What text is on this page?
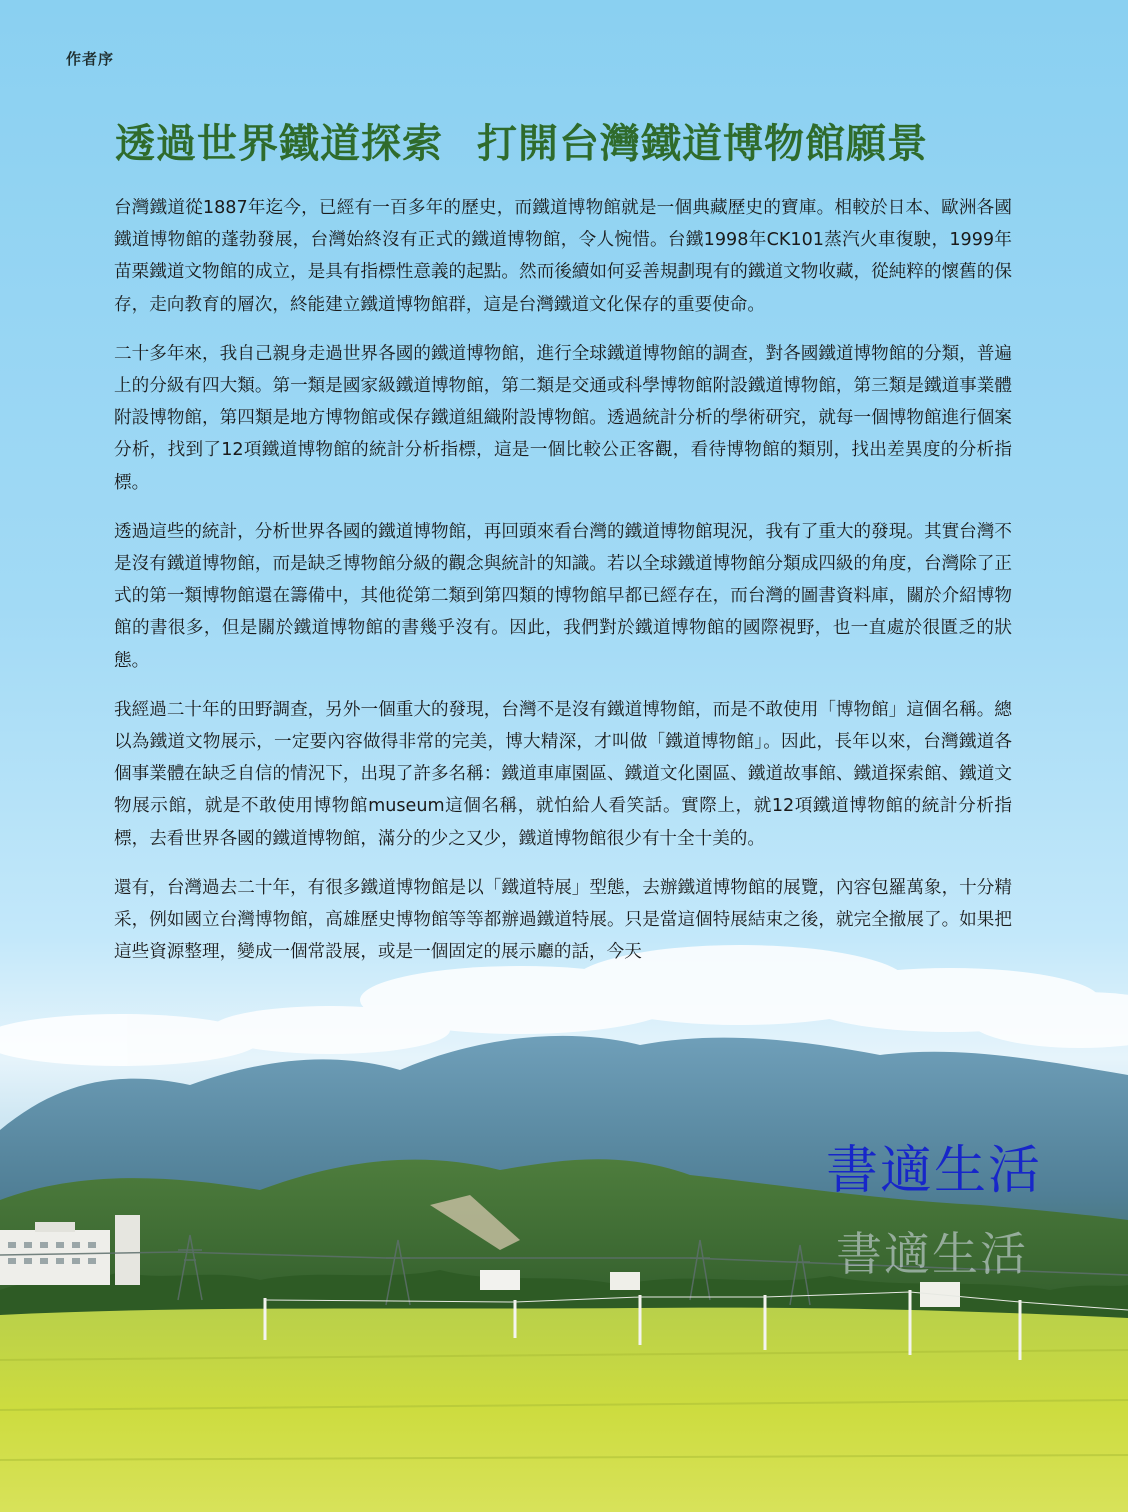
作者序
透過世界鐵道探索 打開台灣鐵道博物館願景

台灣鐵道從1887年迄今，已經有一百多年的歷史，而鐵道博物館就是一個典藏歷史的寶庫。相較於日本、歐洲各國鐵道博物館的蓬勃發展，台灣始終沒有正式的鐵道博物館，令人惋惜。台鐵1998年CK101蒸汽火車復駛，1999年苗栗鐵道文物館的成立，是具有指標性意義的起點。然而後續如何妥善規劃現有的鐵道文物收藏，從純粹的懷舊的保存，走向教育的層次，終能建立鐵道博物館群，這是台灣鐵道文化保存的重要使命。

二十多年來，我自己親身走過世界各國的鐵道博物館，進行全球鐵道博物館的調查，對各國鐵道博物館的分類，普遍上的分級有四大類。第一類是國家級鐵道博物館，第二類是交通或科學博物館附設鐵道博物館，第三類是鐵道事業體附設博物館，第四類是地方博物館或保存鐵道組織附設博物館。透過統計分析的學術研究，就每一個博物館進行個案分析，找到了12項鐵道博物館的統計分析指標，這是一個比較公正客觀，看待博物館的類別，找出差異度的分析指標。

透過這些的統計，分析世界各國的鐵道博物館，再回頭來看台灣的鐵道博物館現況，我有了重大的發現。其實台灣不是沒有鐵道博物館，而是缺乏博物館分級的觀念與統計的知識。若以全球鐵道博物館分類成四級的角度，台灣除了正式的第一類博物館還在籌備中，其他從第二類到第四類的博物館早都已經存在，而台灣的圖書資料庫，關於介紹博物館的書很多，但是關於鐵道博物館的書幾乎沒有。因此，我們對於鐵道博物館的國際視野，也一直處於很匱乏的狀態。

我經過二十年的田野調查，另外一個重大的發現，台灣不是沒有鐵道博物館，而是不敢使用「博物館」這個名稱。總以為鐵道文物展示，一定要內容做得非常的完美，博大精深，才叫做「鐵道博物館」。因此，長年以來，台灣鐵道各個事業體在缺乏自信的情況下，出現了許多名稱：鐵道車庫園區、鐵道文化園區、鐵道故事館、鐵道探索館、鐵道文物展示館，就是不敢使用博物館museum這個名稱，就怕給人看笑話。實際上，就12項鐵道博物館的統計分析指標，去看世界各國的鐵道博物館，滿分的少之又少，鐵道博物館很少有十全十美的。

還有，台灣過去二十年，有很多鐵道博物館是以「鐵道特展」型態，去辦鐵道博物館的展覽，內容包羅萬象，十分精采，例如國立台灣博物館，高雄歷史博物館等等都辦過鐵道特展。只是當這個特展結束之後，就完全撤展了。如果把這些資源整理，變成一個常設展，或是一個固定的展示廳的話，今天

書適生活
書適生活
